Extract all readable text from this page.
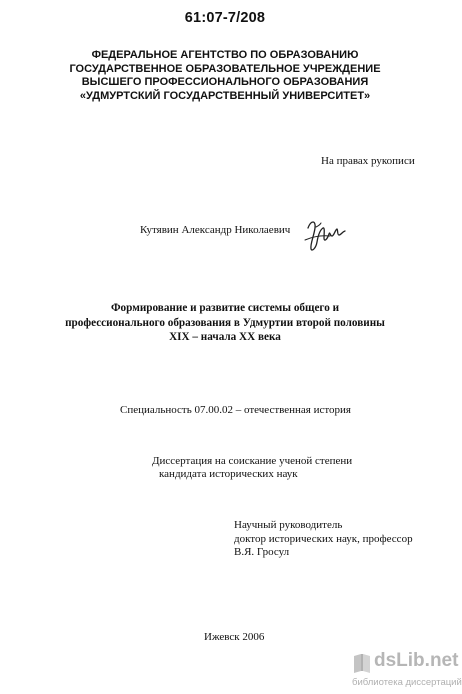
61:07-7/208
ФЕДЕРАЛЬНОЕ АГЕНТСТВО ПО ОБРАЗОВАНИЮ
ГОСУДАРСТВЕННОЕ ОБРАЗОВАТЕЛЬНОЕ УЧРЕЖДЕНИЕ
ВЫСШЕГО ПРОФЕССИОНАЛЬНОГО ОБРАЗОВАНИЯ
«УДМУРТСКИЙ ГОСУДАРСТВЕННЫЙ УНИВЕРСИТЕТ»
На правах рукописи
Кутявин Александр Николаевич
Формирование и развитие системы общего и
профессионального образования в Удмуртии второй половины
XIX – начала XX века
Специальность 07.00.02 – отечественная история
Диссертация на соискание ученой степени
кандидата исторических наук
Научный руководитель
доктор исторических наук, профессор
В.Я. Гросул
Ижевск 2006
dsLib.net
библиотека диссертаций
